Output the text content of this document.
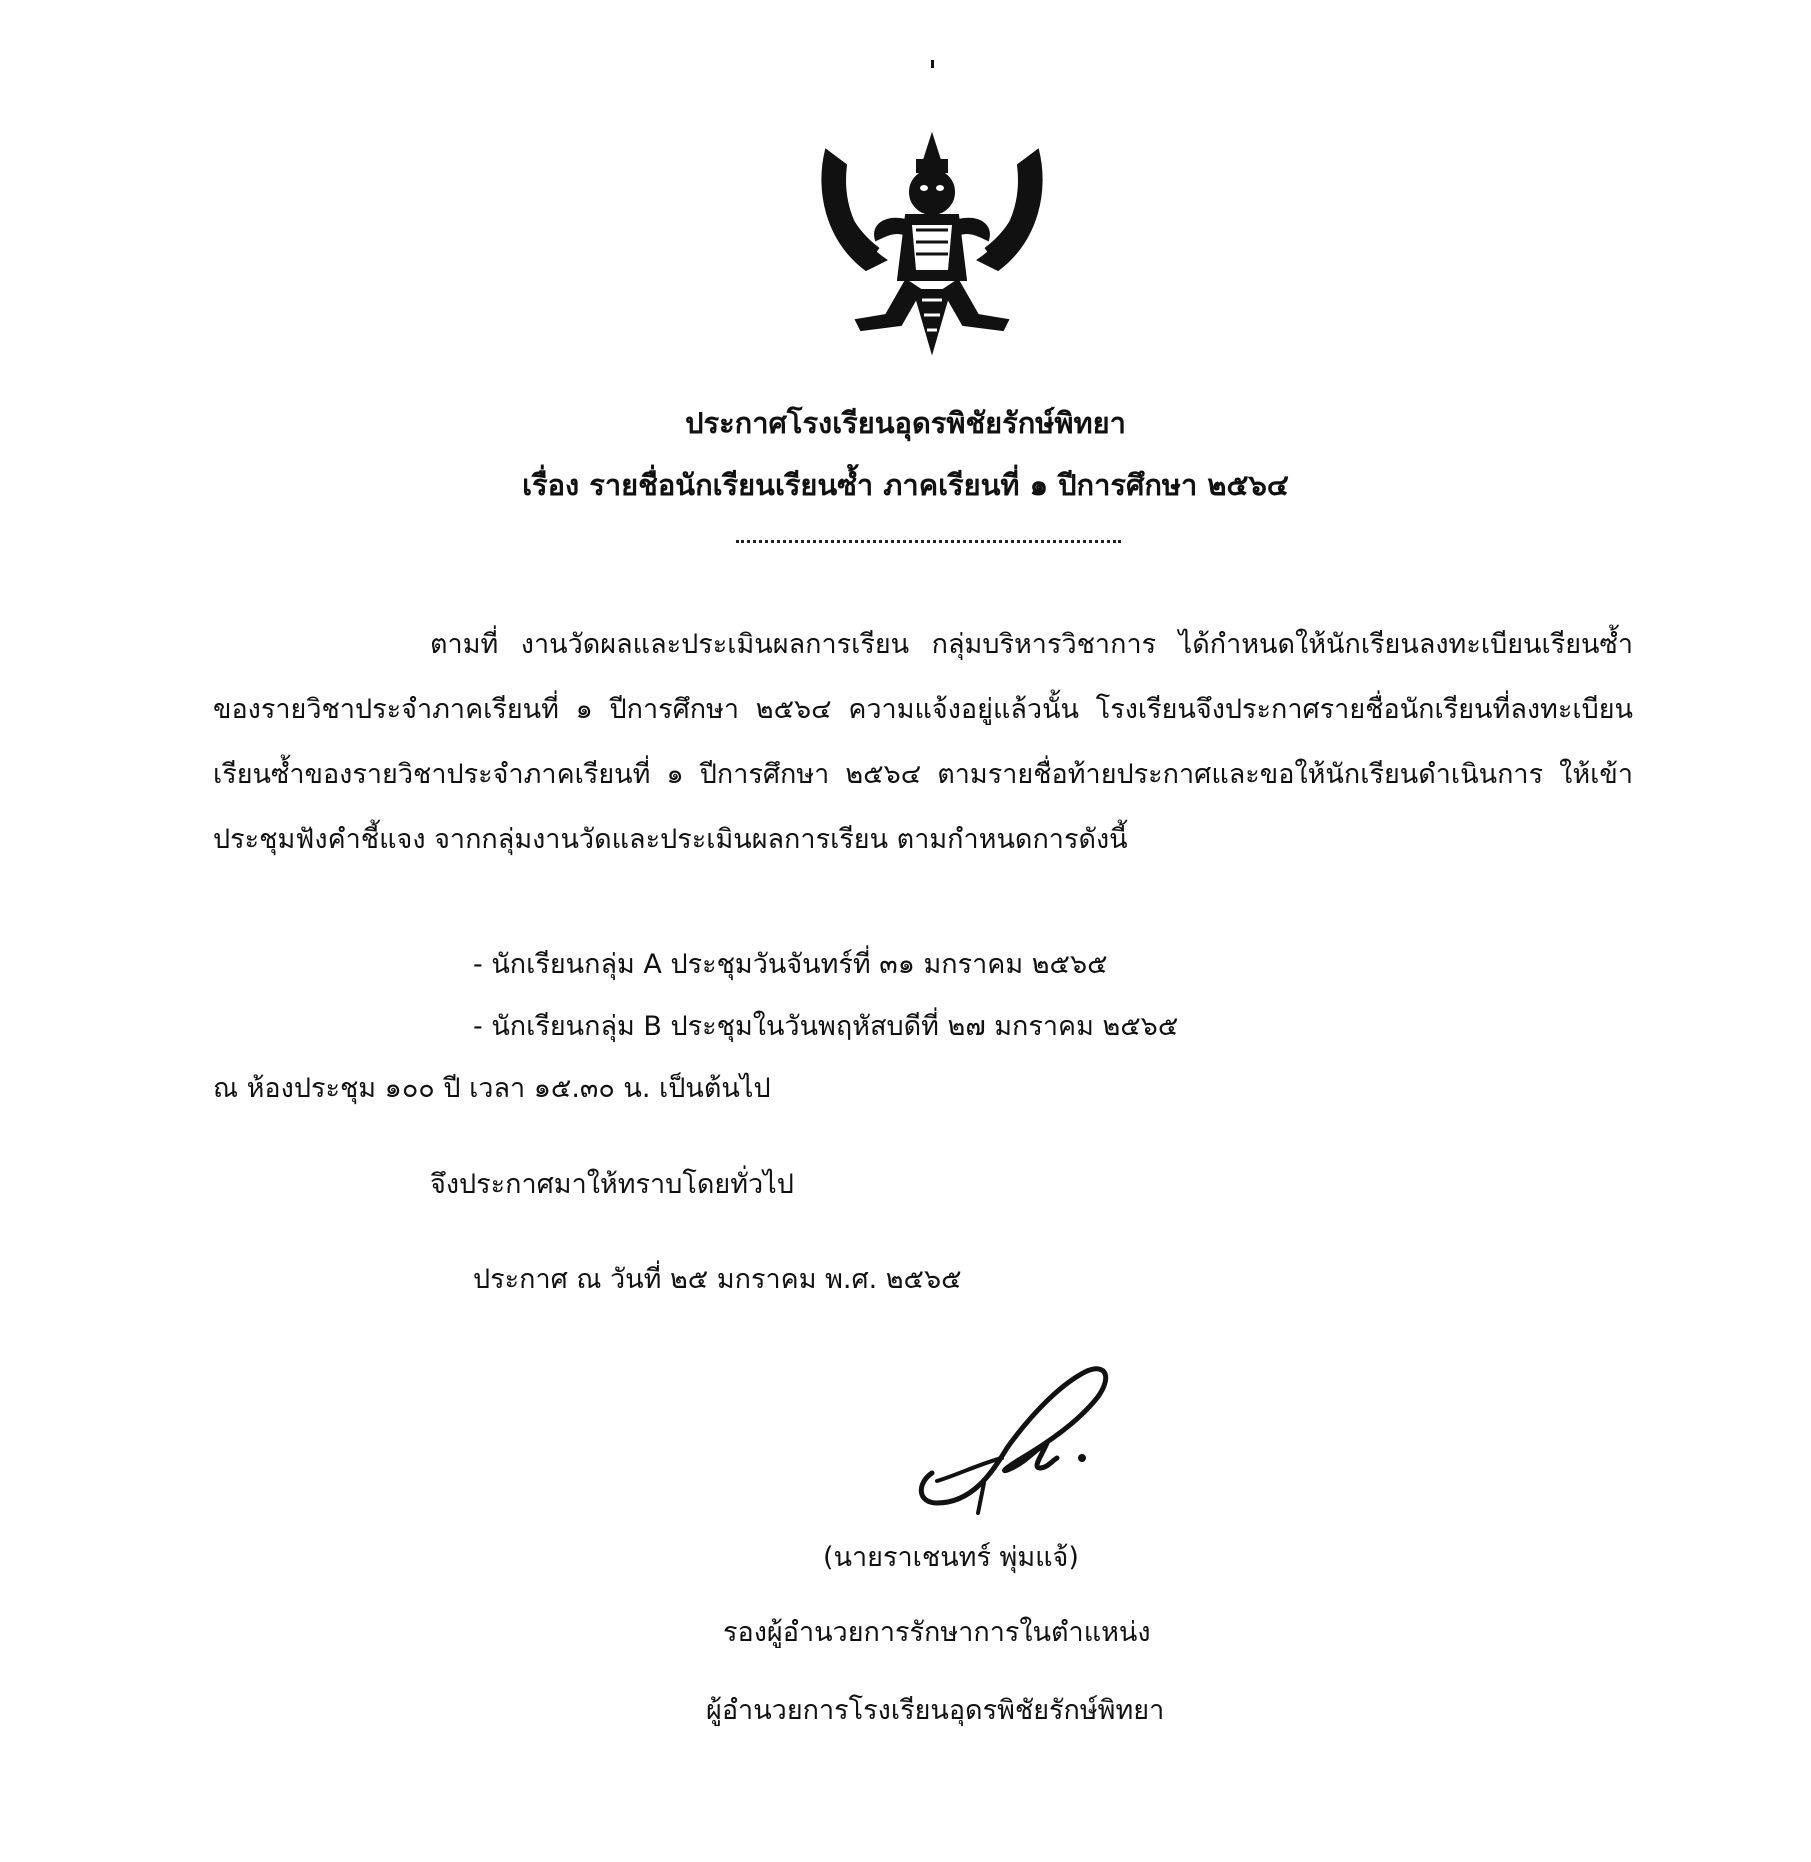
ประกาศโรงเรียนอุดรพิชัยรักษ์พิทยา
เรื่อง รายชื่อนักเรียนเรียนซ้ำ ภาคเรียนที่ ๑ ปีการศึกษา ๒๕๖๔
ตามที่ งานวัดผลและประเมินผลการเรียน กลุ่มบริหารวิชาการ ได้กำหนดให้นักเรียนลงทะเบียนเรียนซ้ำ ของรายวิชาประจำภาคเรียนที่ ๑ ปีการศึกษา ๒๕๖๔ ความแจ้งอยู่แล้วนั้น โรงเรียนจึงประกาศรายชื่อนักเรียนที่ลงทะเบียนเรียนซ้ำของรายวิชาประจำภาคเรียนที่ ๑ ปีการศึกษา ๒๕๖๔ ตามรายชื่อท้ายประกาศและขอให้นักเรียนดำเนินการ ให้เข้าประชุมฟังคำชี้แจง จากกลุ่มงานวัดและประเมินผลการเรียน ตามกำหนดการดังนี้
- นักเรียนกลุ่ม A ประชุมวันจันทร์ที่ ๓๑ มกราคม ๒๕๖๕
- นักเรียนกลุ่ม B ประชุมในวันพฤหัสบดีที่ ๒๗ มกราคม ๒๕๖๕
ณ ห้องประชุม ๑๐๐ ปี เวลา ๑๕.๓๐ น. เป็นต้นไป
จึงประกาศมาให้ทราบโดยทั่วไป
ประกาศ ณ วันที่ ๒๕ มกราคม พ.ศ. ๒๕๖๕
(นายราเชนทร์ พุ่มแจ้)
รองผู้อำนวยการรักษาการในตำแหน่ง
ผู้อำนวยการโรงเรียนอุดรพิชัยรักษ์พิทยา
